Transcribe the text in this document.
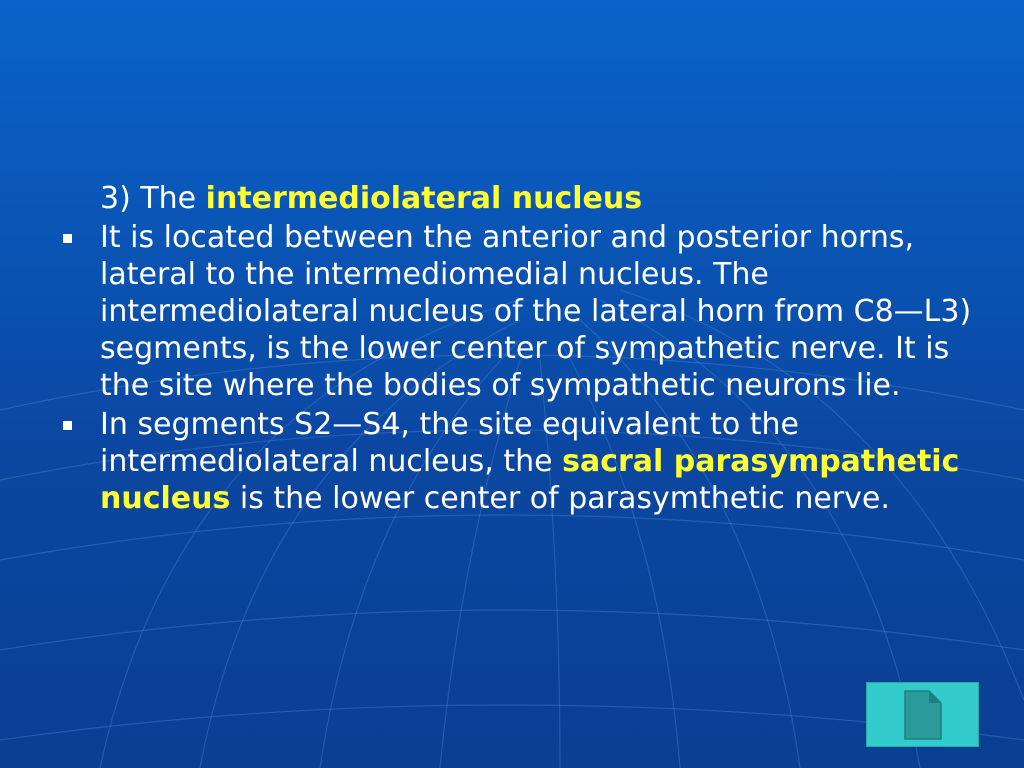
3) The intermediolateral nucleus
It is located between the anterior and posterior horns, lateral to the intermediomedial nucleus. The intermediolateral nucleus of the lateral horn from C8—L3) segments, is the lower center of sympathetic nerve. It is the site where the bodies of sympathetic neurons lie.
In segments S2—S4, the site equivalent to the intermediolateral nucleus, the sacral parasympathetic nucleus is the lower center of parasymthetic nerve.
